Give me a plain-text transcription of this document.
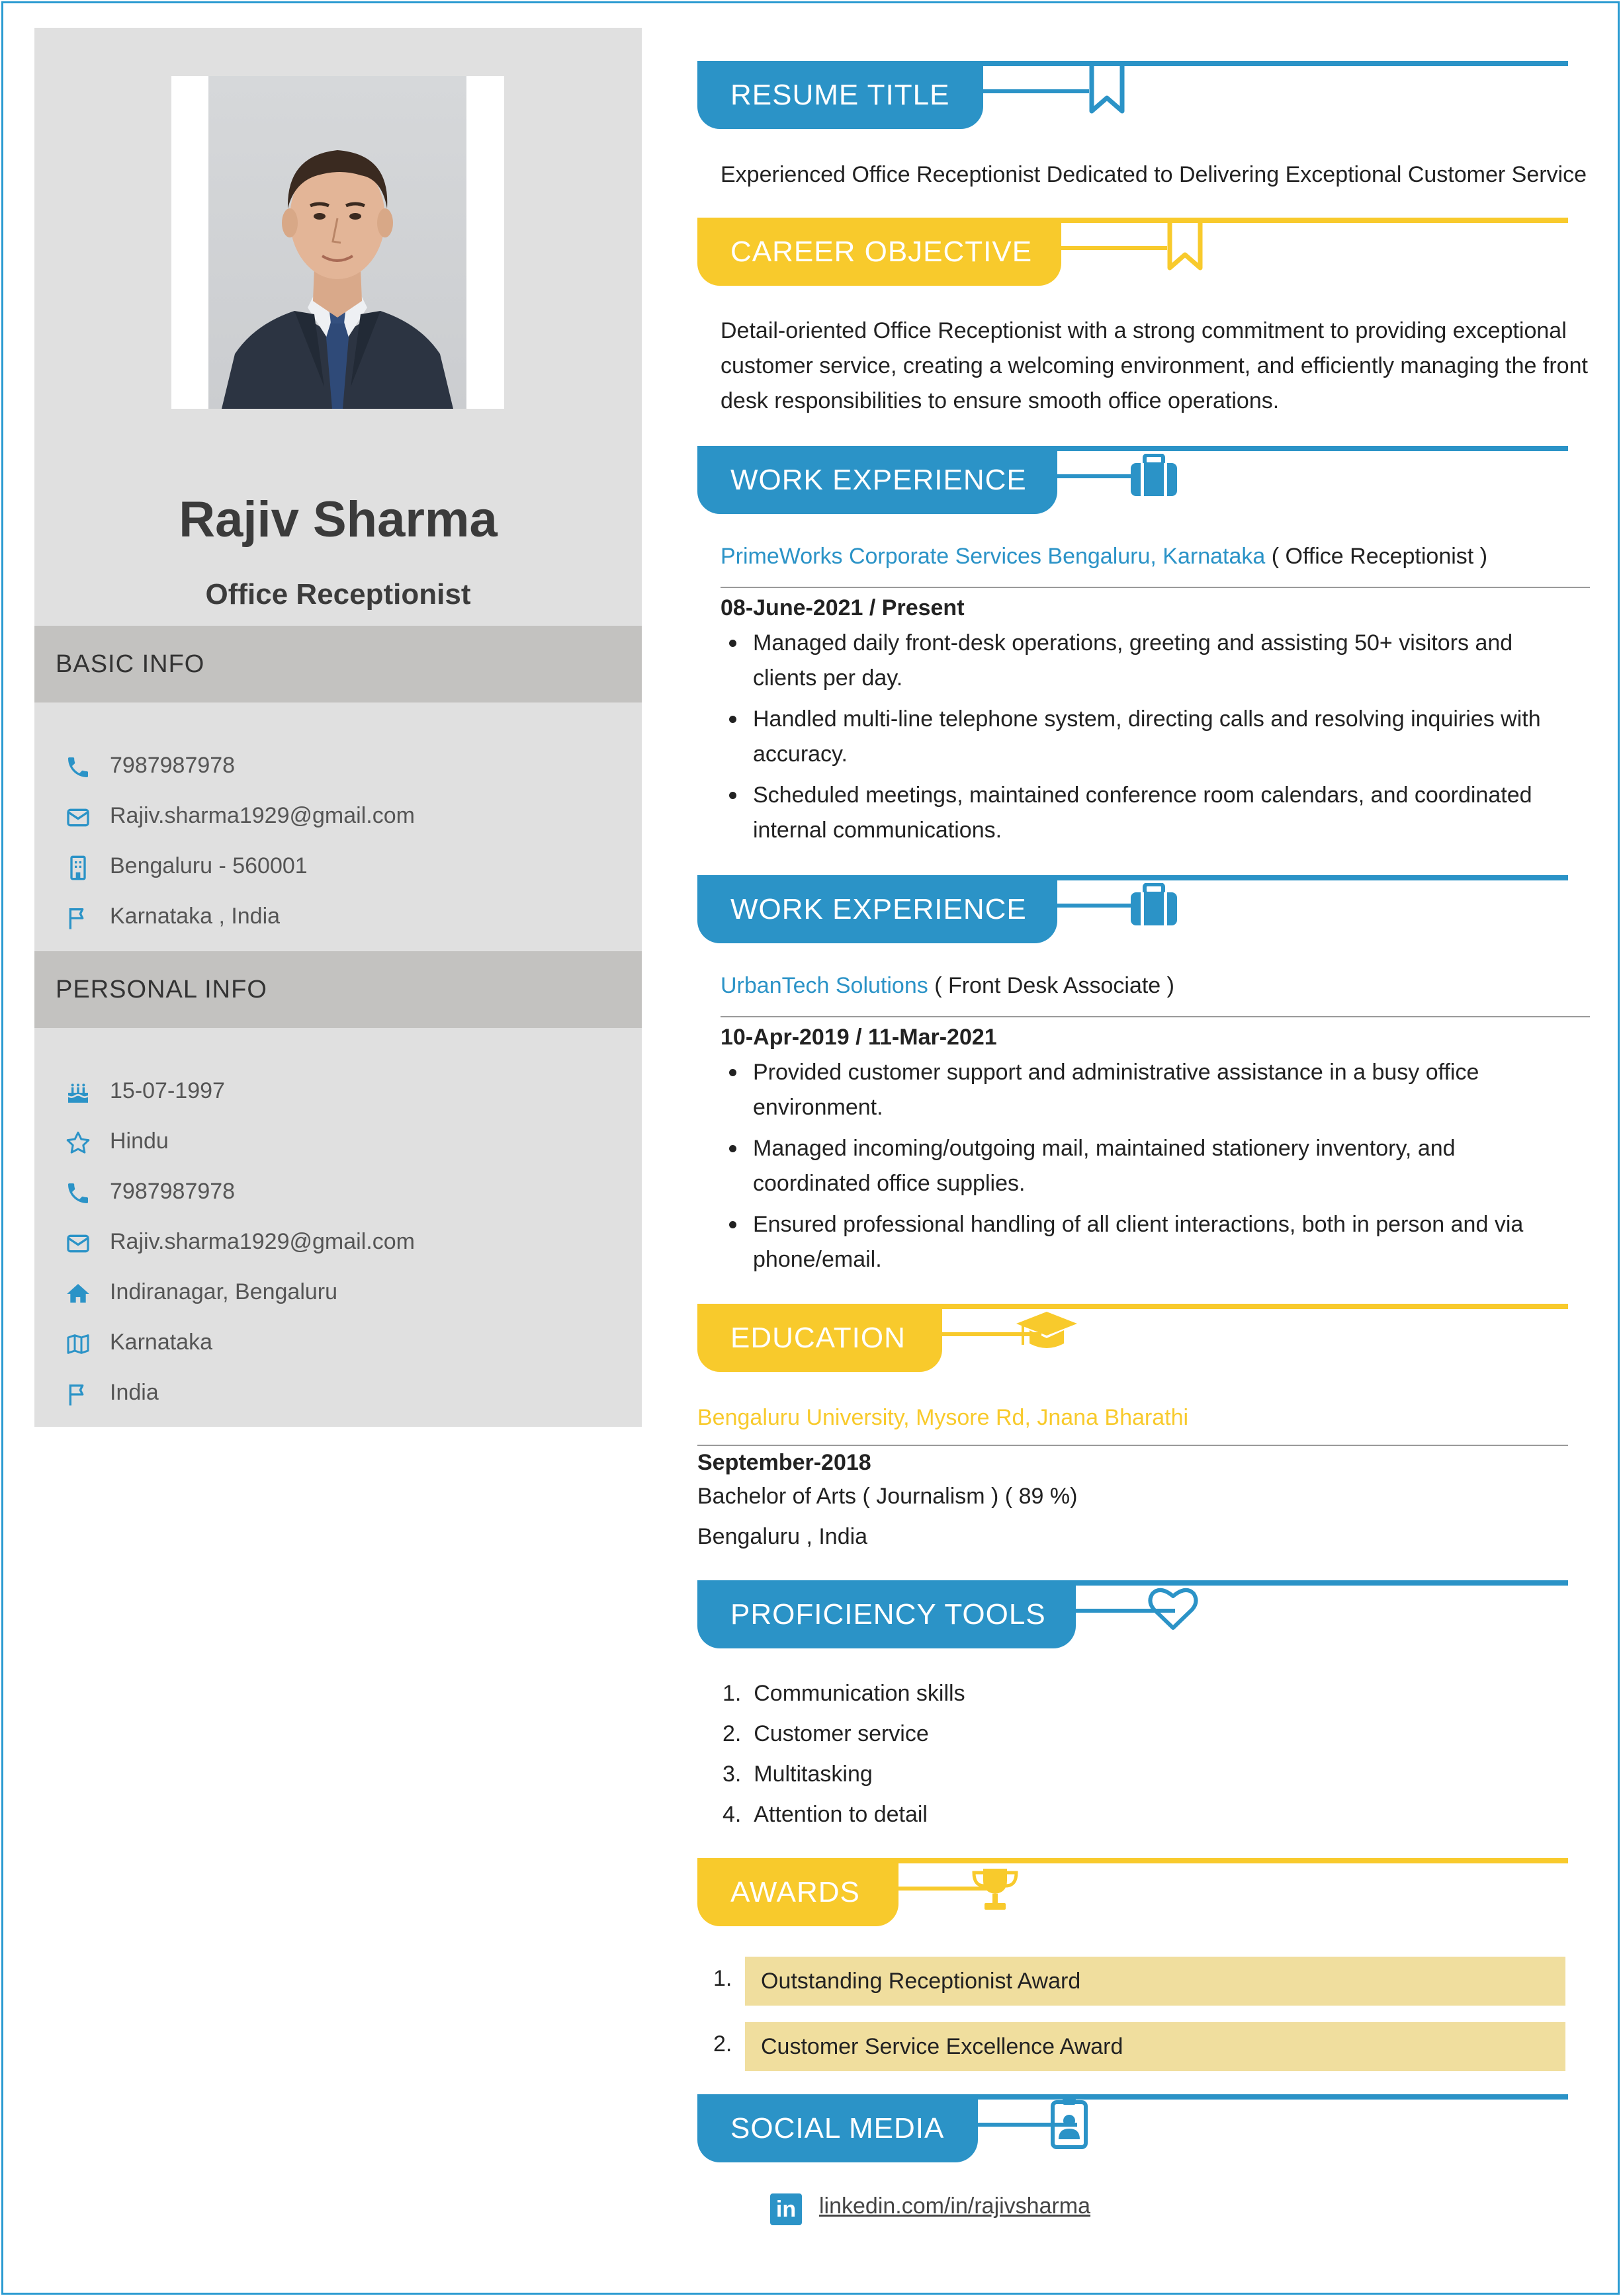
Rajiv Sharma
Office Receptionist
BASIC INFO
7987987978
Rajiv.sharma1929@gmail.com
Bengaluru - 560001
Karnataka , India
PERSONAL INFO
15-07-1997
Hindu
7987987978
Rajiv.sharma1929@gmail.com
Indiranagar, Bengaluru
Karnataka
India
RESUME TITLE
Experienced Office Receptionist Dedicated to Delivering Exceptional Customer Service
CAREER OBJECTIVE
Detail-oriented Office Receptionist with a strong commitment to providing exceptional customer service, creating a welcoming environment, and efficiently managing the front desk responsibilities to ensure smooth office operations.
WORK EXPERIENCE
PrimeWorks Corporate Services Bengaluru, Karnataka ( Office Receptionist )
08-June-2021 / Present
Managed daily front-desk operations, greeting and assisting 50+ visitors and clients per day.
Handled multi-line telephone system, directing calls and resolving inquiries with accuracy.
Scheduled meetings, maintained conference room calendars, and coordinated internal communications.
WORK EXPERIENCE
UrbanTech Solutions ( Front Desk Associate )
10-Apr-2019 / 11-Mar-2021
Provided customer support and administrative assistance in a busy office environment.
Managed incoming/outgoing mail, maintained stationery inventory, and coordinated office supplies.
Ensured professional handling of all client interactions, both in person and via phone/email.
EDUCATION
Bengaluru University, Mysore Rd, Jnana Bharathi
September-2018
Bachelor of Arts ( Journalism ) ( 89 %)
Bengaluru , India
PROFICIENCY TOOLS
1.  Communication skills
2.  Customer service
3.  Multitasking
4.  Attention to detail
AWARDS
1.	Outstanding Receptionist Award
2.	Customer Service Excellence Award
SOCIAL MEDIA
in linkedin.com/in/rajivsharma
